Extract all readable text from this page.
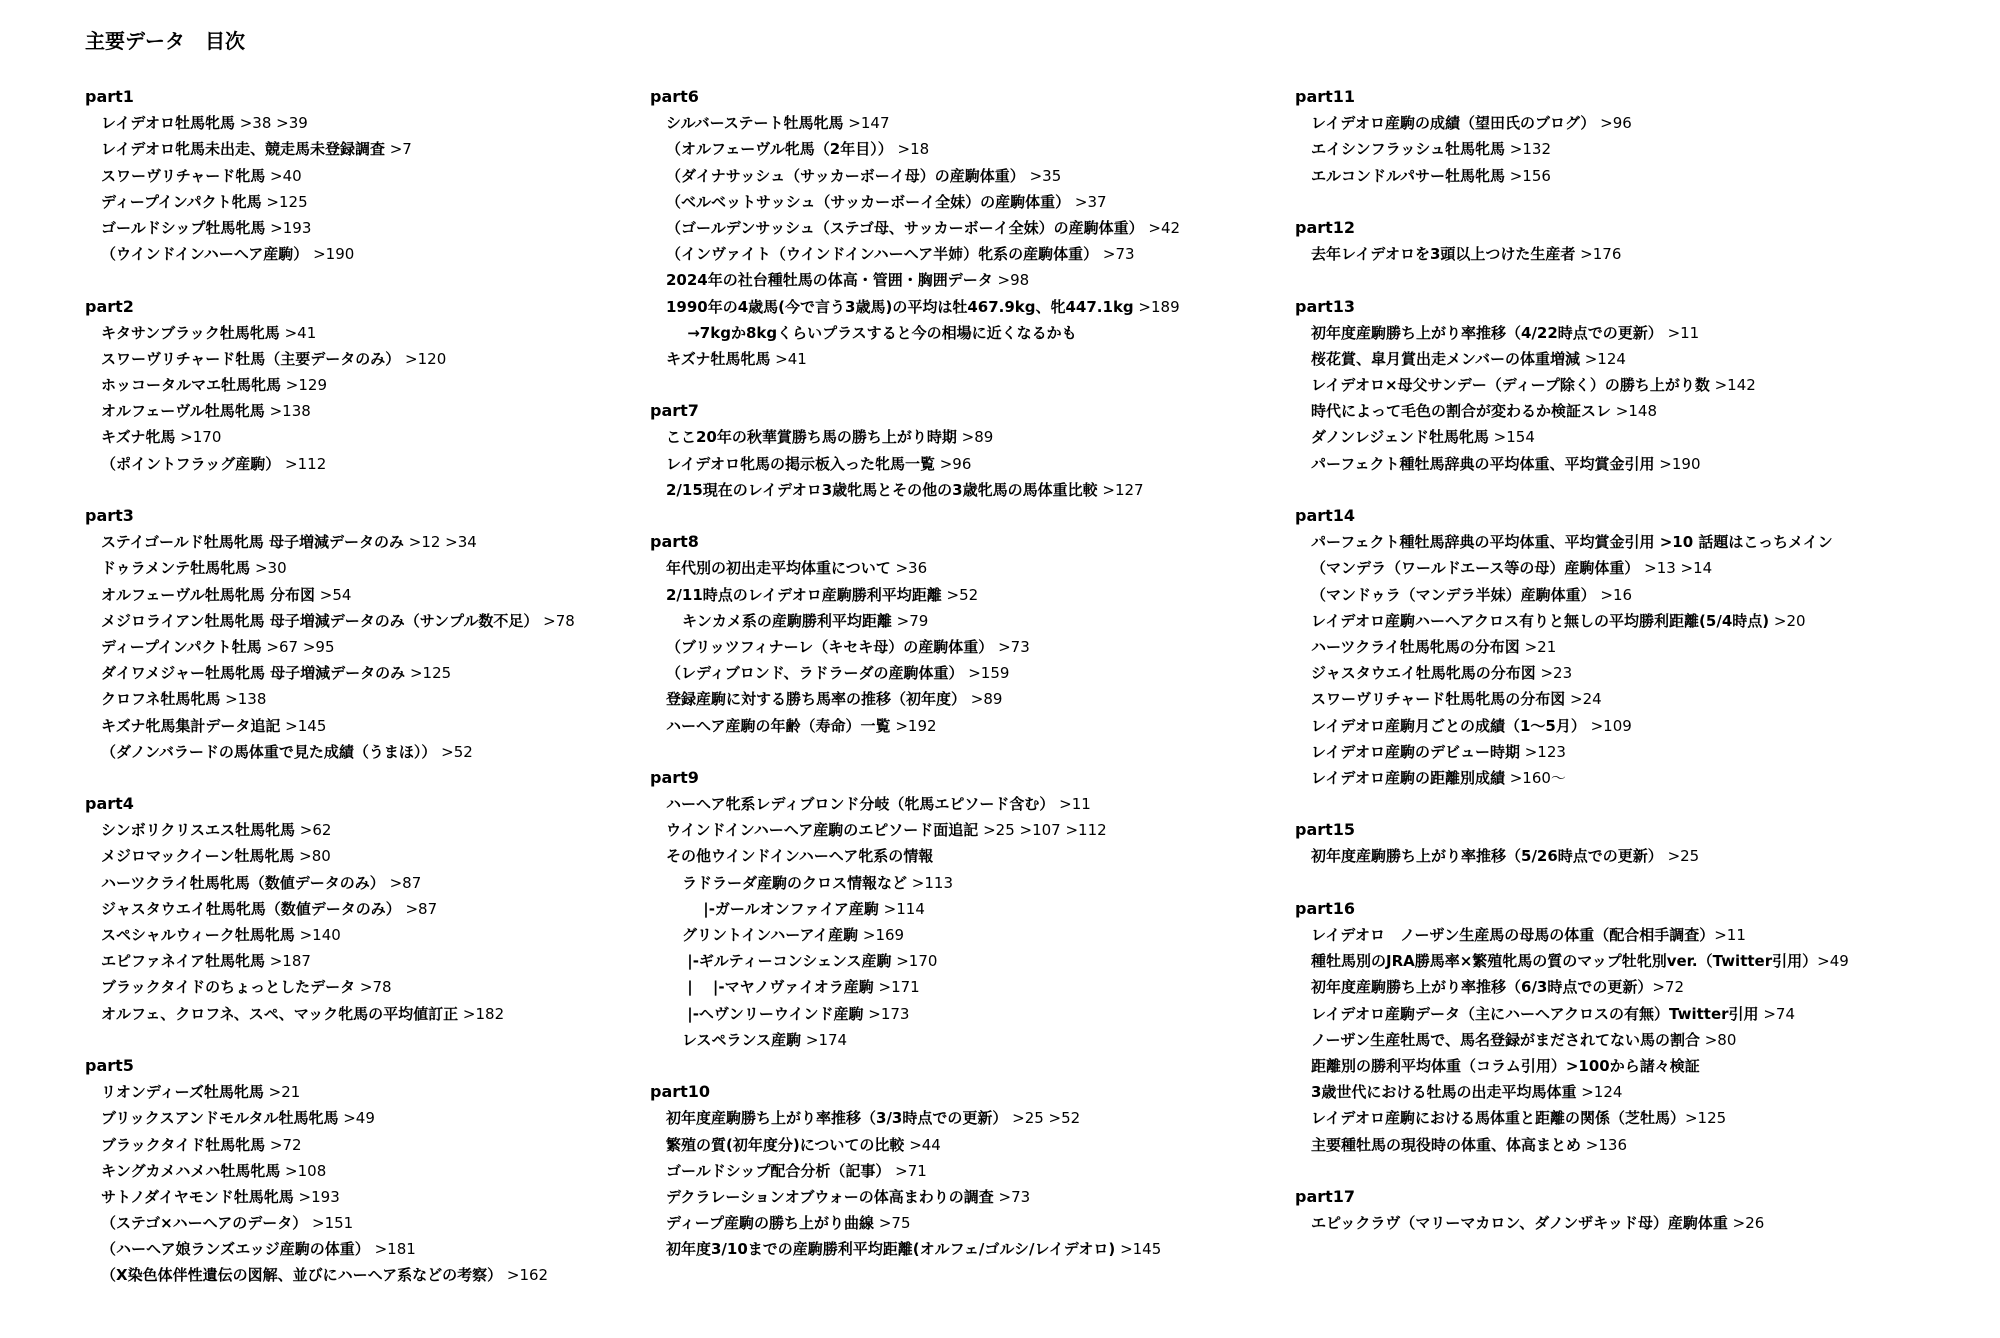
主要データ　目次
part1
レイデオロ牡馬牝馬 >38 >39
レイデオロ牝馬未出走、競走馬未登録調査 >7
スワーヴリチャード牝馬 >40
ディープインパクト牝馬 >125
ゴールドシップ牡馬牝馬 >193
（ウインドインハーヘア産駒） >190
part2
キタサンブラック牡馬牝馬 >41
スワーヴリチャード牡馬（主要データのみ） >120
ホッコータルマエ牡馬牝馬 >129
オルフェーヴル牡馬牝馬 >138
キズナ牝馬 >170
（ポイントフラッグ産駒） >112
part3
ステイゴールド牡馬牝馬 母子増減データのみ >12 >34
ドゥラメンテ牡馬牝馬 >30
オルフェーヴル牡馬牝馬 分布図 >54
メジロライアン牡馬牝馬 母子増減データのみ（サンプル数不足） >78
ディープインパクト牡馬 >67 >95
ダイワメジャー牡馬牝馬 母子増減データのみ >125
クロフネ牡馬牝馬 >138
キズナ牝馬集計データ追記 >145
（ダノンバラードの馬体重で見た成績（うまほ）） >52
part4
シンボリクリスエス牡馬牝馬 >62
メジロマックイーン牡馬牝馬 >80
ハーツクライ牡馬牝馬（数値データのみ） >87
ジャスタウエイ牡馬牝馬（数値データのみ） >87
スペシャルウィーク牡馬牝馬 >140
エピファネイア牡馬牝馬 >187
ブラックタイドのちょっとしたデータ >78
オルフェ、クロフネ、スペ、マック牝馬の平均値訂正 >182
part5
リオンディーズ牡馬牝馬 >21
ブリックスアンドモルタル牡馬牝馬 >49
ブラックタイド牡馬牝馬 >72
キングカメハメハ牡馬牝馬 >108
サトノダイヤモンド牡馬牝馬 >193
（ステゴ×ハーヘアのデータ） >151
（ハーヘア娘ランズエッジ産駒の体重） >181
（X染色体伴性遺伝の図解、並びにハーヘア系などの考察） >162
part6
シルバーステート牡馬牝馬 >147
（オルフェーヴル牝馬（2年目）） >18
（ダイナサッシュ（サッカーボーイ母）の産駒体重） >35
（ベルベットサッシュ（サッカーボーイ全妹）の産駒体重） >37
（ゴールデンサッシュ（ステゴ母、サッカーボーイ全妹）の産駒体重） >42
（インヴァイト（ウインドインハーヘア半姉）牝系の産駒体重） >73
2024年の社台種牡馬の体高・管囲・胸囲データ >98
1990年の4歳馬(今で言う3歳馬)の平均は牡467.9kg、牝447.1kg >189
→7kgか8kgくらいプラスすると今の相場に近くなるかも
キズナ牡馬牝馬 >41
part7
ここ20年の秋華賞勝ち馬の勝ち上がり時期 >89
レイデオロ牝馬の掲示板入った牝馬一覧 >96
2/15現在のレイデオロ3歳牝馬とその他の3歳牝馬の馬体重比較 >127
part8
年代別の初出走平均体重について >36
2/11時点のレイデオロ産駒勝利平均距離 >52
キンカメ系の産駒勝利平均距離 >79
（ブリッツフィナーレ（キセキ母）の産駒体重） >73
（レディブロンド、ラドラーダの産駒体重） >159
登録産駒に対する勝ち馬率の推移（初年度） >89
ハーヘア産駒の年齢（寿命）一覧 >192
part9
ハーヘア牝系レディブロンド分岐（牝馬エピソード含む） >11
ウインドインハーヘア産駒のエピソード面追記 >25 >107 >112
その他ウインドインハーヘア牝系の情報
ラドラーダ産駒のクロス情報など >113
|-ガールオンファイア産駒 >114
グリントインハーアイ産駒 >169
|-ギルティーコンシェンス産駒 >170
|　 |-マヤノヴァイオラ産駒 >171
|-ヘヴンリーウインド産駒 >173
レスペランス産駒 >174
part10
初年度産駒勝ち上がり率推移（3/3時点での更新） >25 >52
繁殖の質(初年度分)についての比較 >44
ゴールドシップ配合分析（記事） >71
デクラレーションオブウォーの体高まわりの調査 >73
ディープ産駒の勝ち上がり曲線 >75
初年度3/10までの産駒勝利平均距離(オルフェ/ゴルシ/レイデオロ) >145
part11
レイデオロ産駒の成績（望田氏のブログ） >96
エイシンフラッシュ牡馬牝馬 >132
エルコンドルパサー牡馬牝馬 >156
part12
去年レイデオロを3頭以上つけた生産者 >176
part13
初年度産駒勝ち上がり率推移（4/22時点での更新） >11
桜花賞、皐月賞出走メンバーの体重増減 >124
レイデオロ×母父サンデー（ディープ除く）の勝ち上がり数 >142
時代によって毛色の割合が変わるか検証スレ >148
ダノンレジェンド牡馬牝馬 >154
パーフェクト種牡馬辞典の平均体重、平均賞金引用 >190
part14
パーフェクト種牡馬辞典の平均体重、平均賞金引用 >10 話題はこっちメイン
（マンデラ（ワールドエース等の母）産駒体重） >13 >14
（マンドゥラ（マンデラ半妹）産駒体重） >16
レイデオロ産駒ハーヘアクロス有りと無しの平均勝利距離(5/4時点) >20
ハーツクライ牡馬牝馬の分布図 >21
ジャスタウエイ牡馬牝馬の分布図 >23
スワーヴリチャード牡馬牝馬の分布図 >24
レイデオロ産駒月ごとの成績（1～5月） >109
レイデオロ産駒のデビュー時期 >123
レイデオロ産駒の距離別成績 >160～
part15
初年度産駒勝ち上がり率推移（5/26時点での更新） >25
part16
レイデオロ　ノーザン生産馬の母馬の体重（配合相手調査）>11
種牡馬別のJRA勝馬率×繁殖牝馬の質のマップ牡牝別ver.（Twitter引用）>49
初年度産駒勝ち上がり率推移（6/3時点での更新）>72
レイデオロ産駒データ（主にハーヘアクロスの有無）Twitter引用 >74
ノーザン生産牡馬で、馬名登録がまだされてない馬の割合 >80
距離別の勝利平均体重（コラム引用）>100から諸々検証
3歳世代における牡馬の出走平均馬体重 >124
レイデオロ産駒における馬体重と距離の関係（芝牡馬）>125
主要種牡馬の現役時の体重、体高まとめ >136
part17
エピックラヴ（マリーマカロン、ダノンザキッド母）産駒体重 >26
